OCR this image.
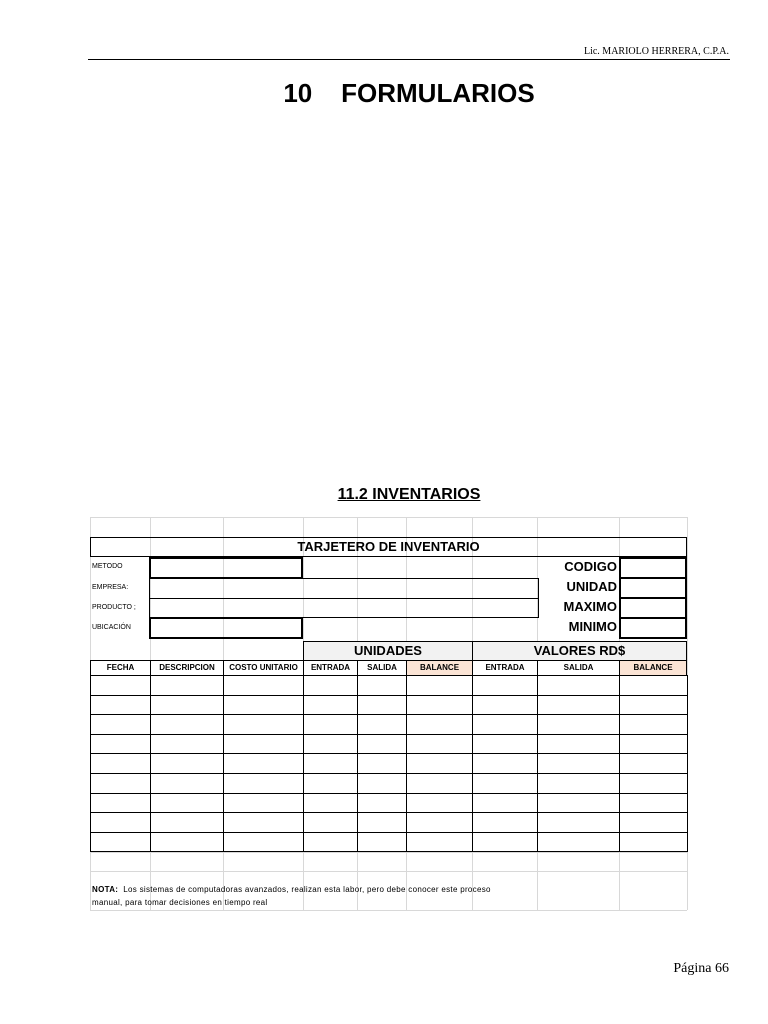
Lic. MARIOLO HERRERA, C.P.A.
10    FORMULARIOS
11.2 INVENTARIOS
TARJETERO DE INVENTARIO
METODO
EMPRESA:
PRODUCTO ;
UBICACIÓN
CODIGO
UNIDAD
MAXIMO
MINIMO
UNIDADES	VALORES RD$
FECHA	DESCRIPCION	COSTO UNITARIO	ENTRADA	SALIDA	BALANCE	ENTRADA	SALIDA	BALANCE
NOTA: Los sistemas de computadoras avanzados, realizan esta labor, pero debe conocer este proceso
manual, para tomar decisiones en tiempo real
Página 66
